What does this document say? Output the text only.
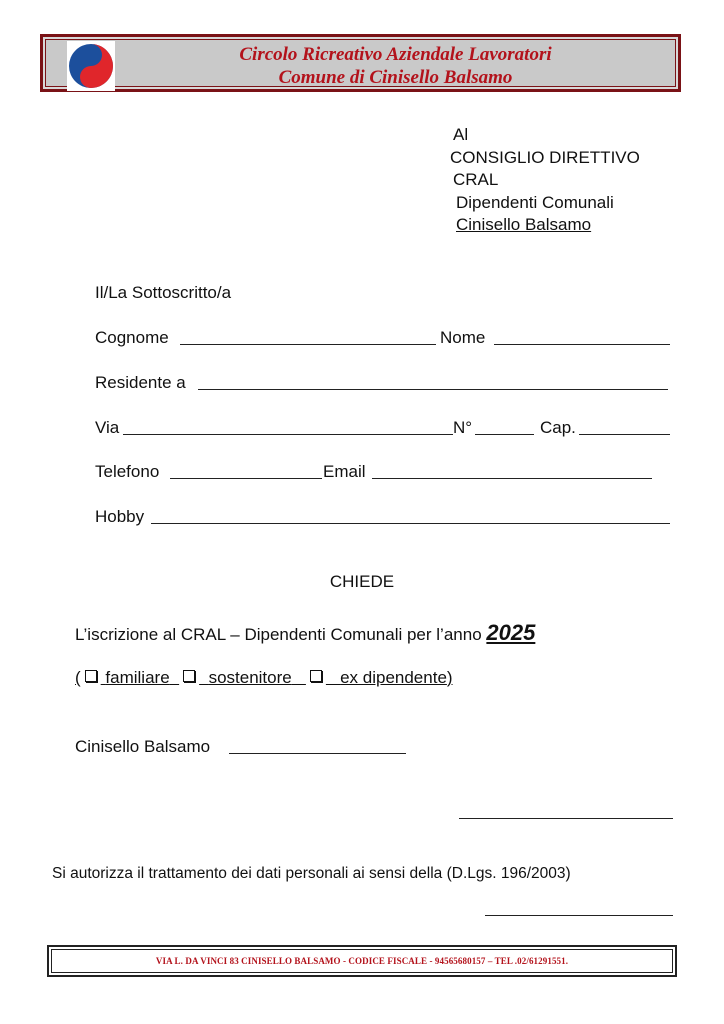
Circolo Ricreativo Aziendale Lavoratori
Comune di Cinisello Balsamo
Al
CONSIGLIO DIRETTIVO
CRAL
Dipendenti Comunali
Cinisello Balsamo
Il/La Sottoscritto/a
Cognome	Nome
Residente a
Via	N°	Cap.
Telefono	Email
Hobby
CHIEDE
L’iscrizione al CRAL – Dipendenti Comunali per l’anno 2025
( familiare sostenitore	ex dipendente)
Cinisello Balsamo
Si autorizza il trattamento dei dati personali ai sensi della (D.Lgs. 196/2003)
VIA L. DA VINCI 83 CINISELLO BALSAMO - CODICE FISCALE - 94565680157 – TEL .02/61291551.
